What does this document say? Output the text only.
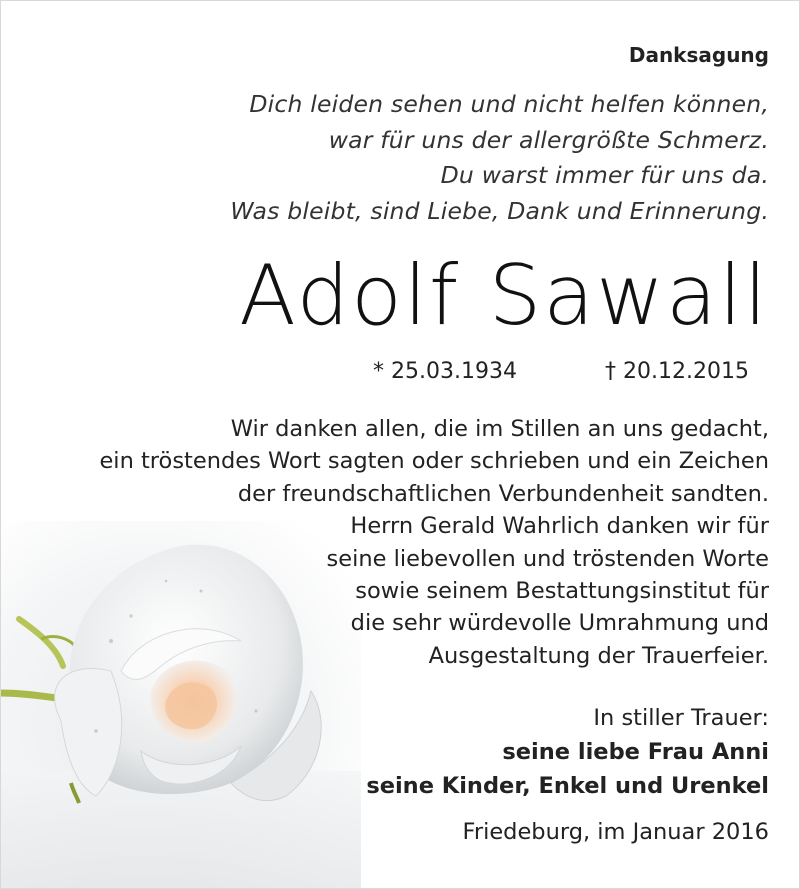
Danksagung
Dich leiden sehen und nicht helfen können,
war für uns der allergrößte Schmerz.
Du warst immer für uns da.
Was bleibt, sind Liebe, Dank und Erinnerung.
Adolf Sawall
* 25.03.1934	† 20.12.2015
Wir danken allen, die im Stillen an uns gedacht,
ein tröstendes Wort sagten oder schrieben und ein Zeichen
der freundschaftlichen Verbundenheit sandten.
Herrn Gerald Wahrlich danken wir für
seine liebevollen und tröstenden Worte
sowie seinem Bestattungsinstitut für
die sehr würdevolle Umrahmung und
Ausgestaltung der Trauerfeier.
In stiller Trauer:
seine liebe Frau Anni
seine Kinder, Enkel und Urenkel
Friedeburg, im Januar 2016
